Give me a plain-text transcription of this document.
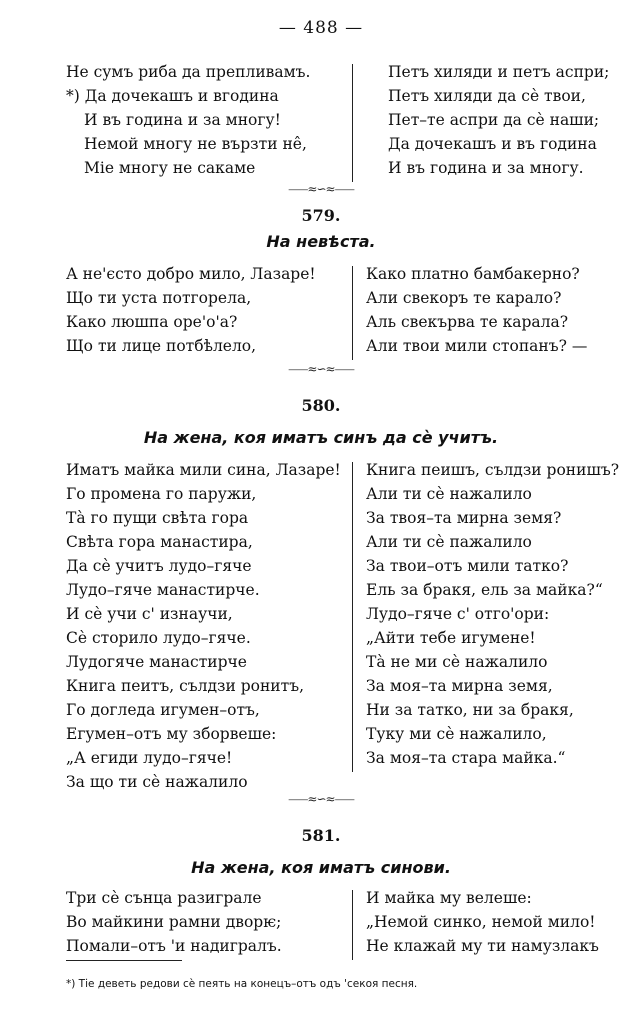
— 488 —
Не сумъ риба да препливамъ.
*) Да дочекашъ и вгодина
И въ година и за многу!
Немой многу не вързти не̂,
Міе многу не сакаме
Петъ хиляди и петъ аспри;
Петъ хиляди да сѐ твои,
Пет–те аспри да сѐ наши;
Да дочекашъ и въ година
И въ година и за многу.
⸺≈∽≈⸺
579.
На невѣста.
А не'єсто добро мило, Лазаре!
Що ти уста потгорела,
Како люшпа оре'о'а?
Що ти лице потбѣлело,
Како платно бамбакерно?
Али свекоръ те карало?
Аль свекърва те карала?
Али твои мили стопанъ? —
⸺≈∽≈⸺
580.
На жена, коя иматъ синъ да сѐ учитъ.
Иматъ майка мили сина, Лазаре!
Го промена го паружи,
Тà го пущи свѣта гора
Свѣта гора манастира,
Да сѐ учитъ лудо–гяче
Лудо–гяче манастирче.
И сѐ учи с' изнаучи,
Сѐ сторило лудо–гяче.
Лудогяче манастирче
Книга пеитъ, сълдзи ронитъ,
Го догледа игумен–отъ,
Егумен–отъ му зборвеше:
„А егиди лудо–гяче!
За що ти сѐ нажалило
Книга пеишъ, сълдзи ронишъ?
Али ти сѐ нажалило
За твоя–та мирна земя?
Али ти сѐ пажалило
За твои–отъ мили татко?
Ель за бракя, ель за майка?“
Лудо–гяче с' отго'ори:
„Айти тебе игумене!
Тà не ми сѐ нажалило
За моя–та мирна земя,
Ни за татко, ни за бракя,
Туку ми сѐ нажалило,
За моя–та стара майка.“
⸺≈∽≈⸺
581.
На жена, коя иматъ синови.
Три сѐ сънца разиграле
Во майкини рамни дворѥ;
Помали–отъ 'и надигралъ.
И майка му велеше:
„Немой синко, немой мило!
Не клажай му ти намузлакъ
*) Тіе деветь редови сѐ пеять на конецъ–отъ одъ 'секоя песня.
